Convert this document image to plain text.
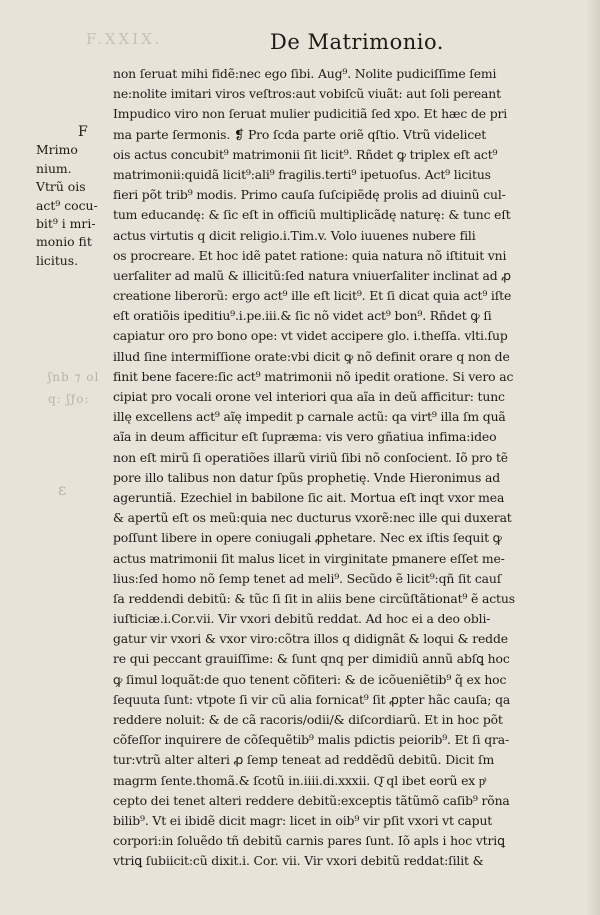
F.XXIX.	De Matrimonio.
ʃnb ⁊ ol
q: ʃƒo:
ɛ
F
Mrimo
nium.
Vtrũ ois
act⁹ cocu-
bit⁹ i mri-
monio fit
licitus.
non ſeruat mihi fidẽ:nec ego ſibi. Aug⁹. Nolite pudiciſſime ſemi
ne:nolite imitari viros veſtros:aut vobiſcũ viuãt: aut ſoli pereant
Impudico viro non ſeruat mulier pudicitiã ſed xpo. Et hæc de pri
ma parte ſermonis. ❡ Pro ſcda parte oriẽ qſtio. Vtrũ videlicet
ois actus concubit⁹ matrimonii ſit licit⁹. Rñdet ꝙ triplex eſt act⁹
matrimonii:quidã licit⁹:ali⁹ fragilis.terti⁹ ipetuoſus. Act⁹ licitus
fieri põt trib⁹ modis. Primo cauſa ſuſcipiẽdę prolis ad diuinũ cul-
tum educandę: & ſic eſt in officiũ multiplicãdę naturę: & tunc eſt
actus virtutis q dicit religio.i.Tim.v. Volo iuuenes nubere fili
os procreare. Et hoc idẽ patet ratione: quia natura nõ iſtituit vni
uerſaliter ad malũ & illicitũ:ſed natura vniuerſaliter inclinat ad ꝓ
creatione liberorũ: ergo act⁹ ille eſt licit⁹. Et ſi dicat quia act⁹ iſte
eſt oratiõis ipeditiu⁹.i.pe.iii.& ſic nõ videt act⁹ bon⁹. Rñdet ꝙ ſi
capiatur oro pro bono ope: vt videt accipere glo. i.theſſa. vlti.ſup
illud ſine intermiſſione orate:vbi dicit ꝙ nõ definit orare q non de
finit bene facere:ſic act⁹ matrimonii nõ ipedit oratione. Si vero ac
cipiat pro vocali orone vel interiori qua aĩa in deũ afficitur: tunc
illę excellens act⁹ aĩę impedit p carnale actũ: qa virt⁹ illa ſm quã
aĩa in deum afficitur eſt ſupræma: vis vero gñatiua infima:ideo
non eſt mirũ ſi operatiões illarũ viriũ ſibi nõ conſocient. Iõ pro tẽ
pore illo talibus non datur ſpũs prophetię. Vnde Hieronimus ad
ageruntiã. Ezechiel in babilone ſic ait. Mortua eſt inqt vxor mea
& apertũ eſt os meũ:quia nec ducturus vxorẽ:nec ille qui duxerat
poſſunt libere in opere coniugali ꝓphetare. Nec ex iſtis ſequit ꝙ
actus matrimonii ſit malus licet in virginitate pmanere eſſet me-
lius:ſed homo nõ ſemp tenet ad meli⁹. Secũdo ẽ licit⁹:qñ ſit cauſ
ſa reddendi debitũ: & tũc ſi ſit in aliis bene circũſtãtionat⁹ ẽ actus
iuſticiæ.i.Cor.vii. Vir vxori debitũ reddat. Ad hoc ei a deo obli-
gatur vir vxori & vxor viro:cõtra illos q didignãt & loqui & redde
re qui peccant grauiſſime: & ſunt qnq per dimidiũ annũ abſꝗ hoc
ꝙ ſimul loquãt:de quo tenent cõfiteri: & de icõueniẽtib⁹ q̃ ex hoc
ſequuta ſunt: vtpote ſi vir cũ alia fornicat⁹ ſit ꝓpter hãc cauſa; qa
reddere noluit: & de cã racoris/odii/& diſcordiarũ. Et in hoc põt
cõfeſſor inquirere de cõſequẽtib⁹ malis pdictis peiorib⁹. Et ſi qra-
tur:vtrũ alter alteri ꝓ ſemp teneat ad reddẽdũ debitũ. Dicit ſm
magrm ſente.thomã.& ſcotũ in.iiii.di.xxxii. Q͂ ql ibet eorũ ex pͣ
cepto dei tenet alteri reddere debitũ:exceptis tãtũmõ caſib⁹ rõna
bilib⁹. Vt ei ibidẽ dicit magr: licet in oib⁹ vir pſit vxori vt caput
corpori:in ſoluẽdo tñ debitũ carnis pares ſunt. Iõ apls i hoc vtriꝗ
vtriꝗ ſubiicit:cũ dixit.i. Cor. vii. Vir vxori debitũ reddat:ſilit &
